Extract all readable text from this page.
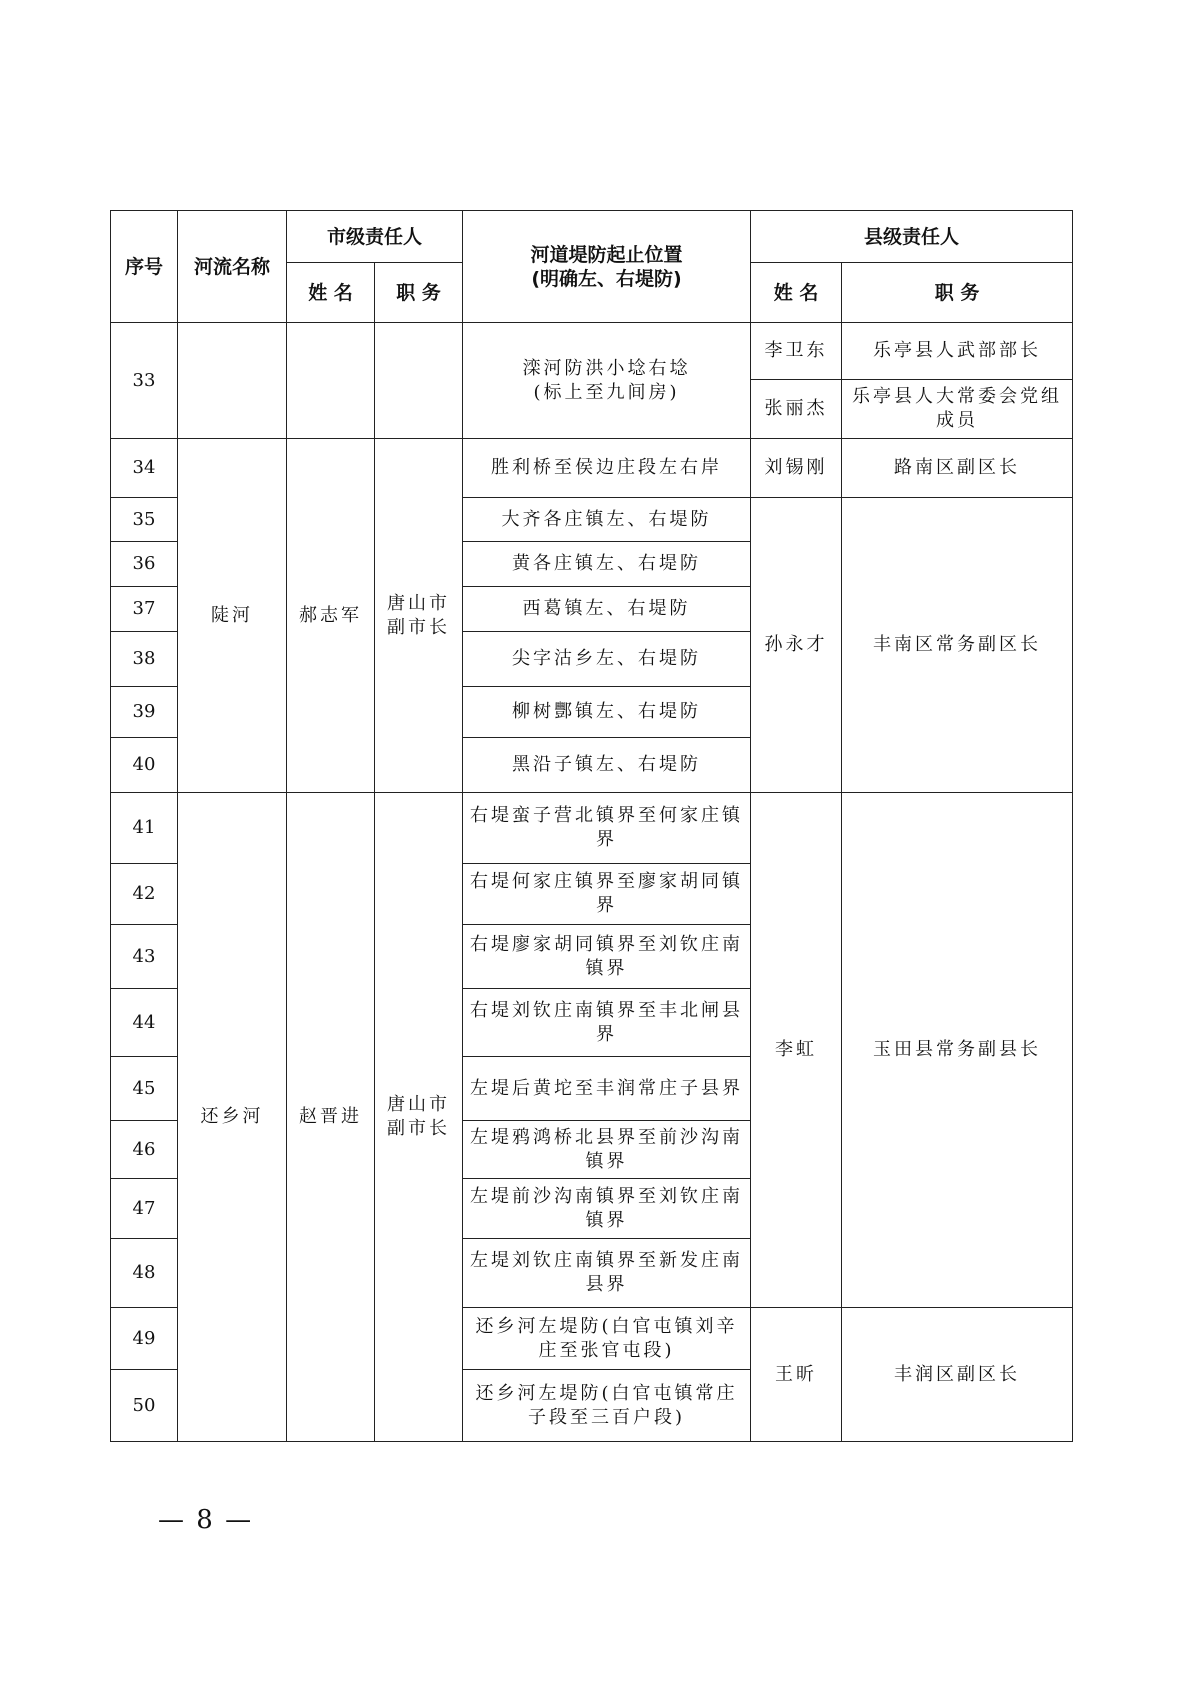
序号	河流名称	市级责任人		河道堤防起止位置
(明确左、右堤防)	县级责任人	
		姓 名	职 务		姓 名	职 务
33				滦河防洪小埝右埝
(标上至九间房)	李卫东	乐亭县人武部部长
					张丽杰	乐亭县人大常委会党组成员
34	陡河	郝志军	唐山市
副市长	胜利桥至侯边庄段左右岸	刘锡刚	路南区副区长
35				大齐各庄镇左、右堤防	孙永才	丰南区常务副区长
36				黄各庄镇左、右堤防		
37				西葛镇左、右堤防		
38				尖字沽乡左、右堤防		
39				柳树酆镇左、右堤防		
40				黑沿子镇左、右堤防		
41	还乡河	赵晋进	唐山市
副市长	右堤蛮子营北镇界至何家庄镇界	李虹	玉田县常务副县长
42				右堤何家庄镇界至廖家胡同镇界		
43				右堤廖家胡同镇界至刘钦庄南镇界		
44				右堤刘钦庄南镇界至丰北闸县界		
45				左堤后黄坨至丰润常庄子县界		
46				左堤鸦鸿桥北县界至前沙沟南镇界		
47				左堤前沙沟南镇界至刘钦庄南镇界		
48				左堤刘钦庄南镇界至新发庄南县界		
49				还乡河左堤防(白官屯镇刘辛庄至张官屯段)	王昕	丰润区副区长
50				还乡河左堤防(白官屯镇常庄子段至三百户段)		
— 8 —
